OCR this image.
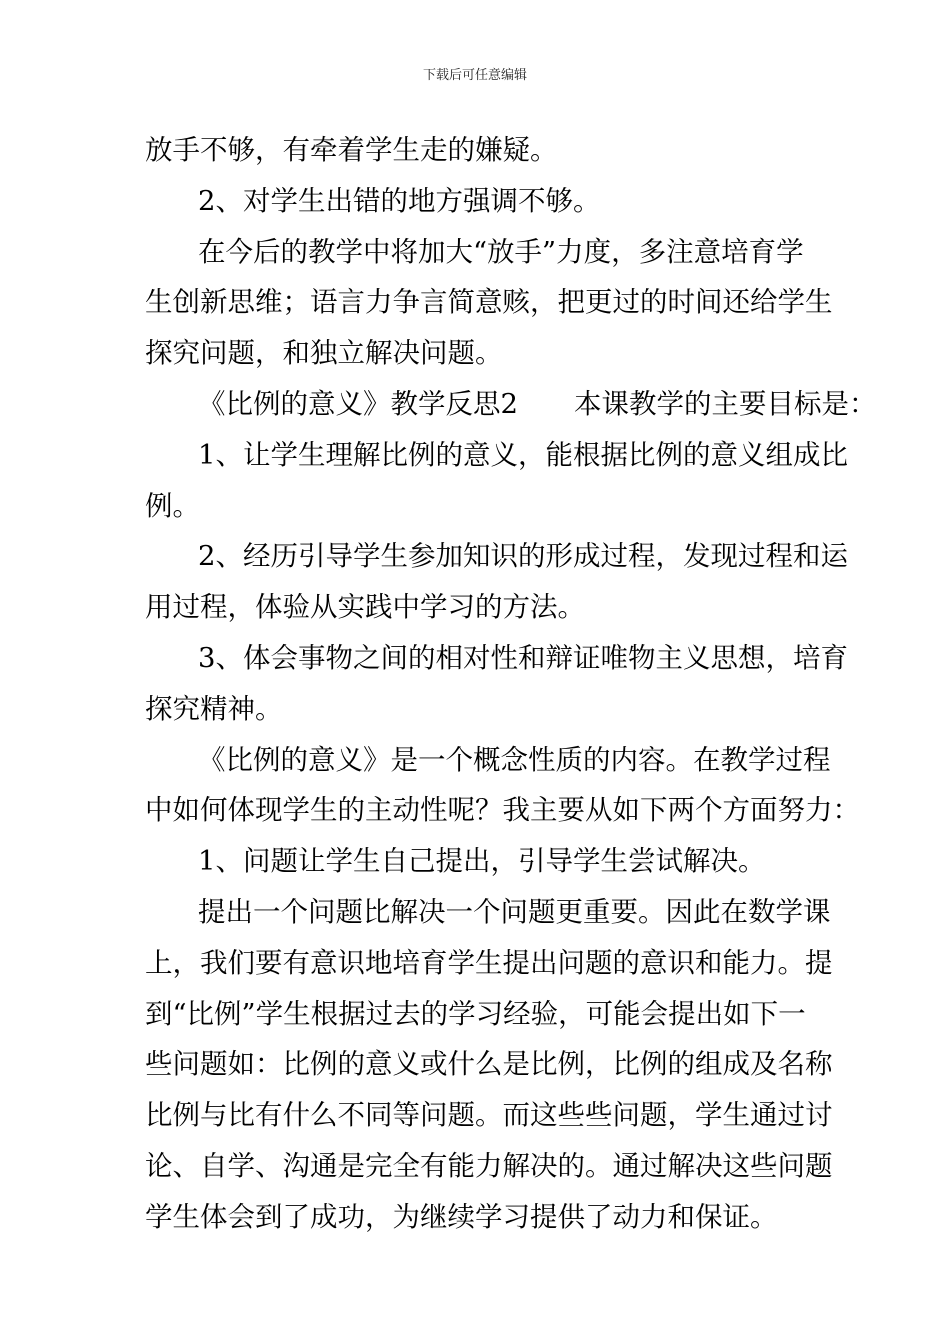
下载后可任意编辑
放手不够，有牵着学生走的嫌疑。
2、对学生出错的地方强调不够。
在今后的教学中将加大“放手”力度，多注意培育学
生创新思维；语言力争言简意赅，把更过的时间还给学生
探究问题，和独立解决问题。
《比例的意义》教学反思2 本课教学的主要目标是：
1、让学生理解比例的意义，能根据比例的意义组成比
例。
2、经历引导学生参加知识的形成过程，发现过程和运
用过程，体验从实践中学习的方法。
3、体会事物之间的相对性和辩证唯物主义思想，培育
探究精神。
《比例的意义》是一个概念性质的内容。在教学过程
中如何体现学生的主动性呢？我主要从如下两个方面努力：
1、问题让学生自己提出，引导学生尝试解决。
提出一个问题比解决一个问题更重要。因此在数学课
上，我们要有意识地培育学生提出问题的意识和能力。提
到“比例”学生根据过去的学习经验，可能会提出如下一
些问题如：比例的意义或什么是比例，比例的组成及名称
比例与比有什么不同等问题。而这些些问题，学生通过讨
论、自学、沟通是完全有能力解决的。通过解决这些问题
学生体会到了成功，为继续学习提供了动力和保证。
